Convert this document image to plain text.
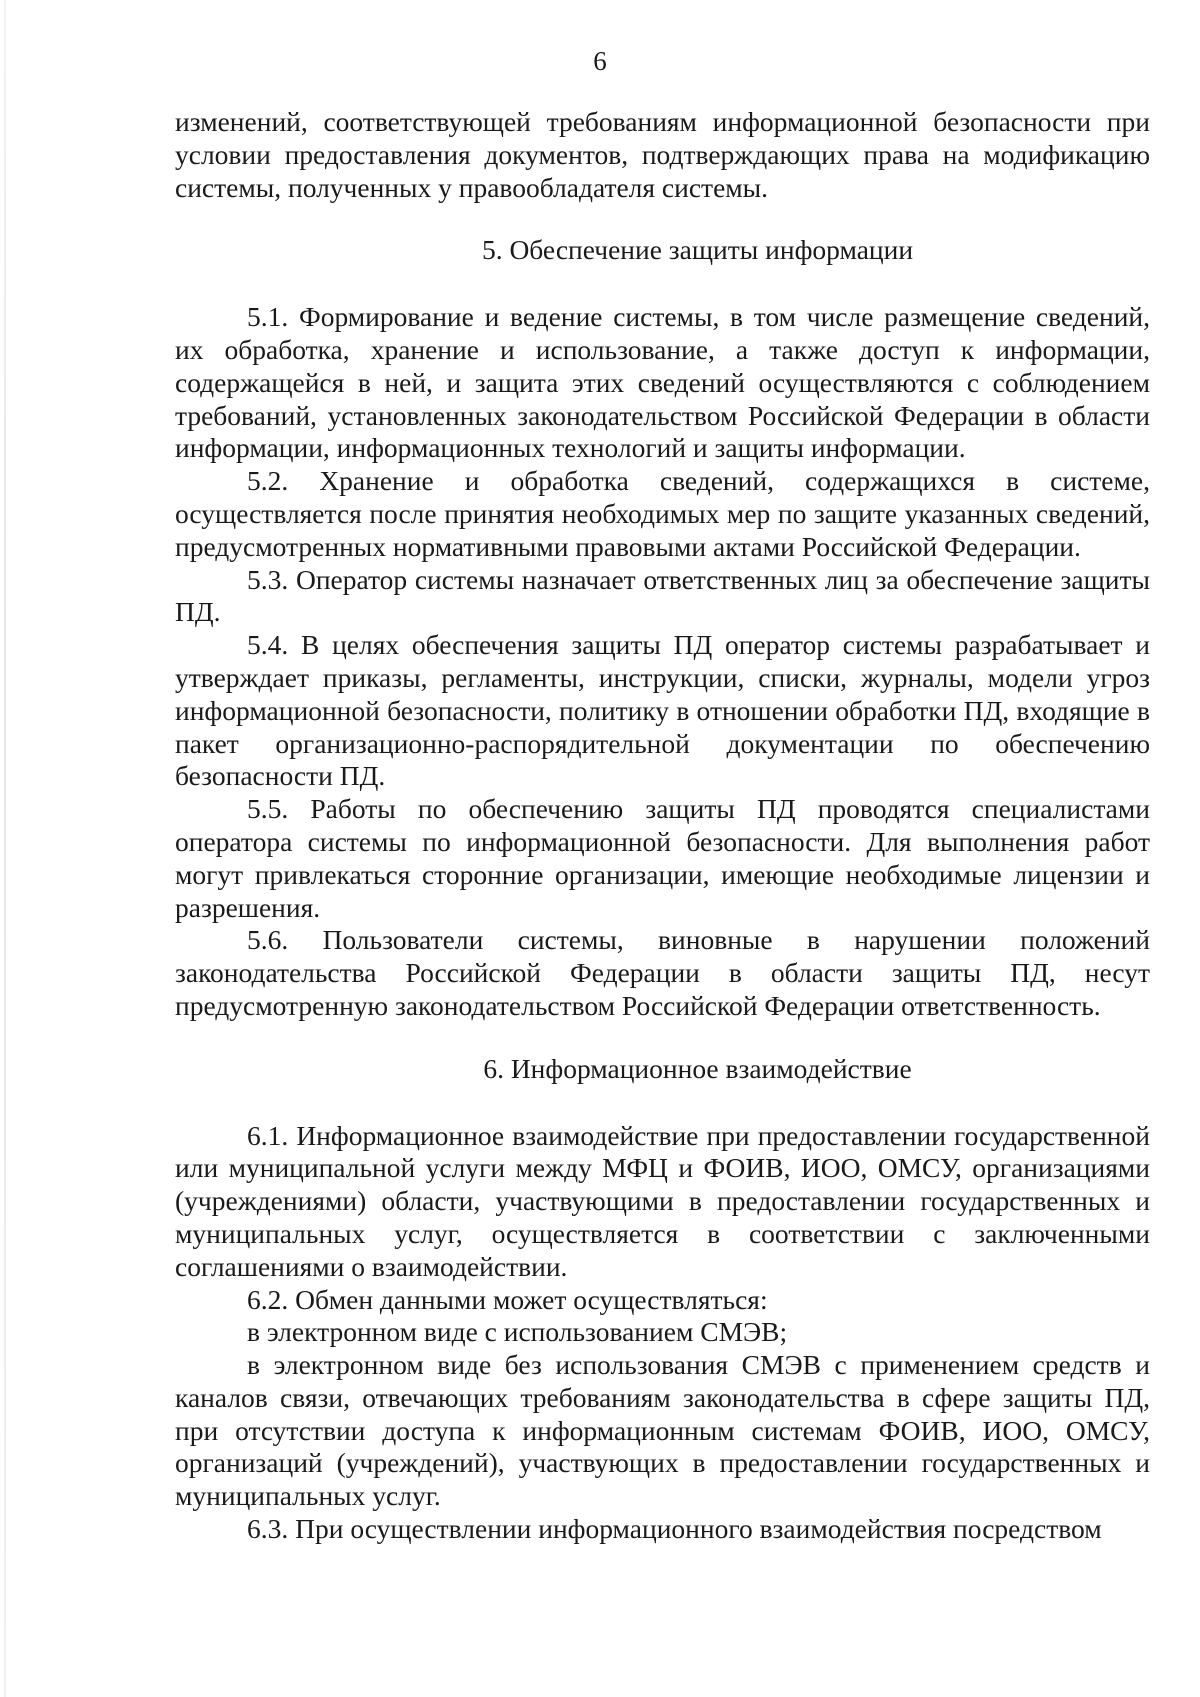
6

изменений, соответствующей требованиям информационной безопасности при условии предоставления документов, подтверждающих права на модификацию системы, полученных у правообладателя системы.

5. Обеспечение защиты информации

5.1. Формирование и ведение системы, в том числе размещение сведений, их обработка, хранение и использование, а также доступ к информации, содержащейся в ней, и защита этих сведений осуществляются с соблюдением требований, установленных законодательством Российской Федерации в области информации, информационных технологий и защиты информации.

5.2. Хранение и обработка сведений, содержащихся в системе, осуществляется после принятия необходимых мер по защите указанных сведений, предусмотренных нормативными правовыми актами Российской Федерации.

5.3. Оператор системы назначает ответственных лиц за обеспечение защиты ПД.

5.4. В целях обеспечения защиты ПД оператор системы разрабатывает и утверждает приказы, регламенты, инструкции, списки, журналы, модели угроз информационной безопасности, политику в отношении обработки ПД, входящие в пакет организационно-распорядительной документации по обеспечению безопасности ПД.

5.5. Работы по обеспечению защиты ПД проводятся специалистами оператора системы по информационной безопасности. Для выполнения работ могут привлекаться сторонние организации, имеющие необходимые лицензии и разрешения.

5.6. Пользователи системы, виновные в нарушении положений законодательства Российской Федерации в области защиты ПД, несут предусмотренную законодательством Российской Федерации ответственность.

6. Информационное взаимодействие

6.1. Информационное взаимодействие при предоставлении государственной или муниципальной услуги между МФЦ и ФОИВ, ИОО, ОМСУ, организациями (учреждениями) области, участвующими в предоставлении государственных и муниципальных услуг, осуществляется в соответствии с заключенными соглашениями о взаимодействии.

6.2. Обмен данными может осуществляться:

в электронном виде с использованием СМЭВ;

в электронном виде без использования СМЭВ с применением средств и каналов связи, отвечающих требованиям законодательства в сфере защиты ПД, при отсутствии доступа к информационным системам ФОИВ, ИОО, ОМСУ, организаций (учреждений), участвующих в предоставлении государственных и муниципальных услуг.

6.3. При осуществлении информационного взаимодействия посредством
